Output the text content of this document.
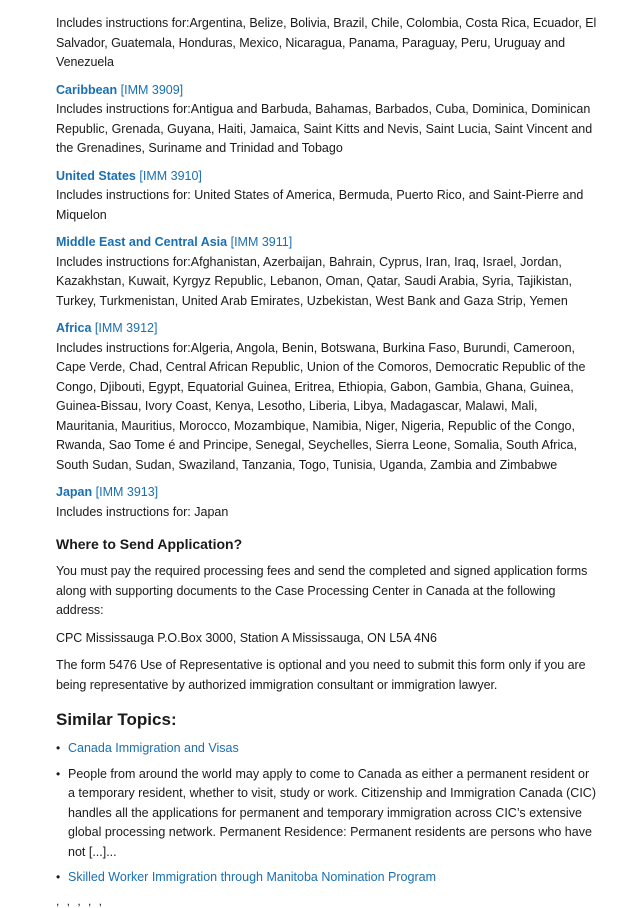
Includes instructions for:Argentina, Belize, Bolivia, Brazil, Chile, Colombia, Costa Rica, Ecuador, El Salvador, Guatemala, Honduras, Mexico, Nicaragua, Panama, Paraguay, Peru, Uruguay and Venezuela

Caribbean [IMM 3909]
Includes instructions for:Antigua and Barbuda, Bahamas, Barbados, Cuba, Dominica, Dominican Republic, Grenada, Guyana, Haiti, Jamaica, Saint Kitts and Nevis, Saint Lucia, Saint Vincent and the Grenadines, Suriname and Trinidad and Tobago
United States [IMM 3910]
Includes instructions for: United States of America, Bermuda, Puerto Rico, and Saint-Pierre and Miquelon
Middle East and Central Asia [IMM 3911]
Includes instructions for:Afghanistan, Azerbaijan, Bahrain, Cyprus, Iran, Iraq, Israel, Jordan, Kazakhstan, Kuwait, Kyrgyz Republic, Lebanon, Oman, Qatar, Saudi Arabia, Syria, Tajikistan, Turkey, Turkmenistan, United Arab Emirates, Uzbekistan, West Bank and Gaza Strip, Yemen
Africa [IMM 3912]
Includes instructions for:Algeria, Angola, Benin, Botswana, Burkina Faso, Burundi, Cameroon, Cape Verde, Chad, Central African Republic, Union of the Comoros, Democratic Republic of the Congo, Djibouti, Egypt, Equatorial Guinea, Eritrea, Ethiopia, Gabon, Gambia, Ghana, Guinea, Guinea-Bissau, Ivory Coast, Kenya, Lesotho, Liberia, Libya, Madagascar, Malawi, Mali, Mauritania, Mauritius, Morocco, Mozambique, Namibia, Niger, Nigeria, Republic of the Congo, Rwanda, Sao Tome é and Principe, Senegal, Seychelles, Sierra Leone, Somalia, South Africa, South Sudan, Sudan, Swaziland, Tanzania, Togo, Tunisia, Uganda, Zambia and Zimbabwe
Japan [IMM 3913]
Includes instructions for: Japan
Where to Send Application?

You must pay the required processing fees and send the completed and signed application forms along with supporting documents to the Case Processing Center in Canada at the following address:

CPC Mississauga P.O.Box 3000, Station A Mississauga, ON L5A 4N6

The form 5476 Use of Representative is optional and you need to submit this form only if you are being representative by authorized immigration consultant or immigration lawyer.

Similar Topics:
• Canada Immigration and Visas
• People from around the world may apply to come to Canada as either a permanent resident or a temporary resident, whether to visit, study or work. Citizenship and Immigration Canada (CIC) handles all the applications for permanent and temporary immigration across CIC’s extensive global processing network. Permanent Residence: Permanent residents are persons who have not [...]...
• Skilled Worker Immigration through Manitoba Nomination Program
, , , , ,
